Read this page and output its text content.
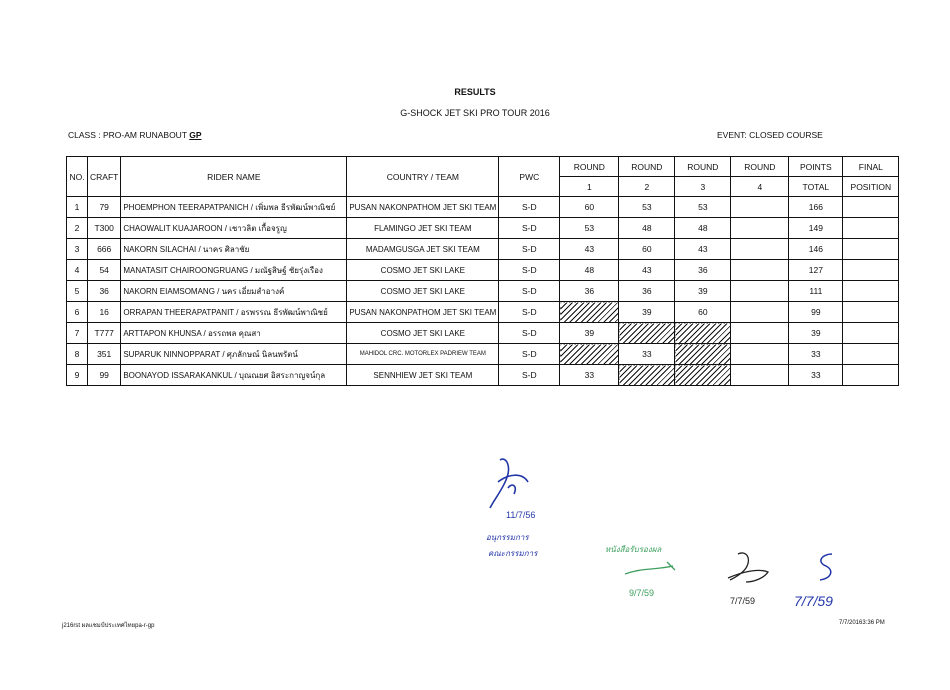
RESULTS
G-SHOCK JET SKI PRO TOUR 2016
CLASS : PRO-AM RUNABOUT GP	EVENT: CLOSED COURSE
NO.	CRAFT	RIDER NAME	COUNTRY / TEAM	PWC	ROUND	ROUND	ROUND	ROUND	POINTS	FINAL
					1	2	3	4	TOTAL	POSITION
1	79	PHOEMPHON TEERAPATPANICH / เพิ่มพล ธีรพัฒน์พาณิชย์	PUSAN NAKONPATHOM JET SKI TEAM	S-D	60	53	53		166	
2	T300	CHAOWALIT KUAJAROON / เชาวลิต เกื้อจรูญ	FLAMINGO JET SKI TEAM	S-D	53	48	48		149	
3	666	NAKORN SILACHAI / นาคร ศิลาชัย	MADAMGUSGA JET SKI TEAM	S-D	43	60	43		146	
4	54	MANATASIT CHAIROONGRUANG / มณัฐสิษฐ์ ชัยรุ่งเรือง	COSMO JET SKI LAKE	S-D	48	43	36		127	
5	36	NAKORN EIAMSOMANG / นคร เอี่ยมสำอางค์	COSMO JET SKI LAKE	S-D	36	36	39		111	
6	16	ORRAPAN THEERAPATPANIT / อรพรรณ ธีรพัฒน์พาณิชย์	PUSAN NAKONPATHOM JET SKI TEAM	S-D		39	60		99	
7	T777	ARTTAPON KHUNSA / อรรถพล คุณสา	COSMO JET SKI LAKE	S-D	39				39	
8	351	SUPARUK NINNOPPARAT / ศุภลักษณ์ นิลนพรัตน์	MAHIDOL CRC. MOTORLEX PADRIEW TEAM	S-D		33			33	
9	99	BOONAYOD ISSARAKANKUL / บุณณยศ อิสระกาญจน์กุล	SENNHIEW JET SKI TEAM	S-D	33				33	
11/7/56
อนุกรรมการ
คณะกรรมการ	หนังสือรับรองผล
9/7/59
7/7/59	7/7/59
j216rst ผลแชมป์ประเทศไทยpa-r-gp	7/7/20163:36 PM
